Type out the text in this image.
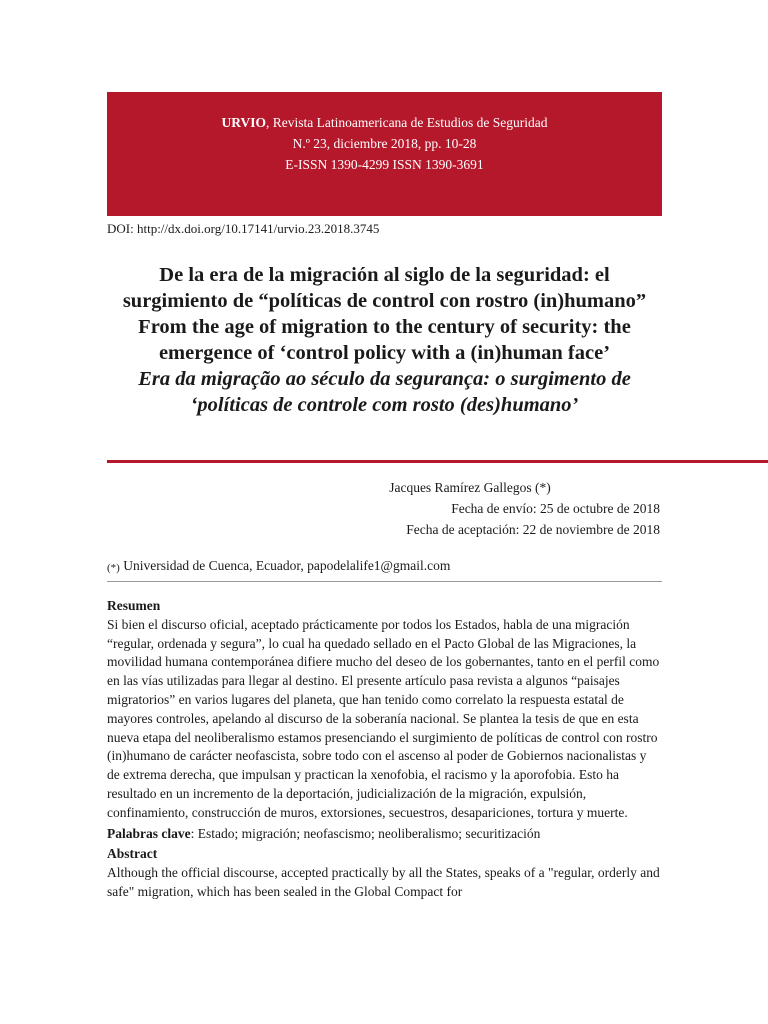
URVIO, Revista Latinoamericana de Estudios de Seguridad
N.º 23, diciembre 2018, pp. 10-28
E-ISSN 1390-4299 ISSN 1390-3691
DOI: http://dx.doi.org/10.17141/urvio.23.2018.3745

De la era de la migración al siglo de la seguridad: el surgimiento de “políticas de control con rostro (in)humano”

From the age of migration to the century of security: the emergence of ‘control policy with a (in)human face’

Era da migração ao século da segurança: o surgimento de ‘políticas de controle com rosto (des)humano’

Jacques Ramírez Gallegos (*)
Fecha de envío: 25 de octubre de 2018
Fecha de aceptación: 22 de noviembre de 2018
(*) Universidad de Cuenca, Ecuador, papodelalife1@gmail.com

Resumen

Si bien el discurso oficial, aceptado prácticamente por todos los Estados, habla de una migración “regular, ordenada y segura”, lo cual ha quedado sellado en el Pacto Global de las Migraciones, la movilidad humana contemporánea difiere mucho del deseo de los gobernantes, tanto en el perfil como en las vías utilizadas para llegar al destino. El presente artículo pasa revista a algunos “paisajes migratorios” en varios lugares del planeta, que han tenido como correlato la respuesta estatal de mayores controles, apelando al discurso de la soberanía nacional. Se plantea la tesis de que en esta nueva etapa del neoliberalismo estamos presenciando el surgimiento de políticas de control con rostro (in)humano de carácter neofascista, sobre todo con el ascenso al poder de Gobiernos nacionalistas y de extrema derecha, que impulsan y practican la xenofobia, el racismo y la aporofobia. Esto ha resultado en un incremento de la deportación, judicialización de la migración, expulsión, confinamiento, construcción de muros, extorsiones, secuestros, desapariciones, tortura y muerte.

Palabras clave: Estado; migración; neofascismo; neoliberalismo; securitización

Abstract

Although the official discourse, accepted practically by all the States, speaks of a "regular, orderly and safe" migration, which has been sealed in the Global Compact for
